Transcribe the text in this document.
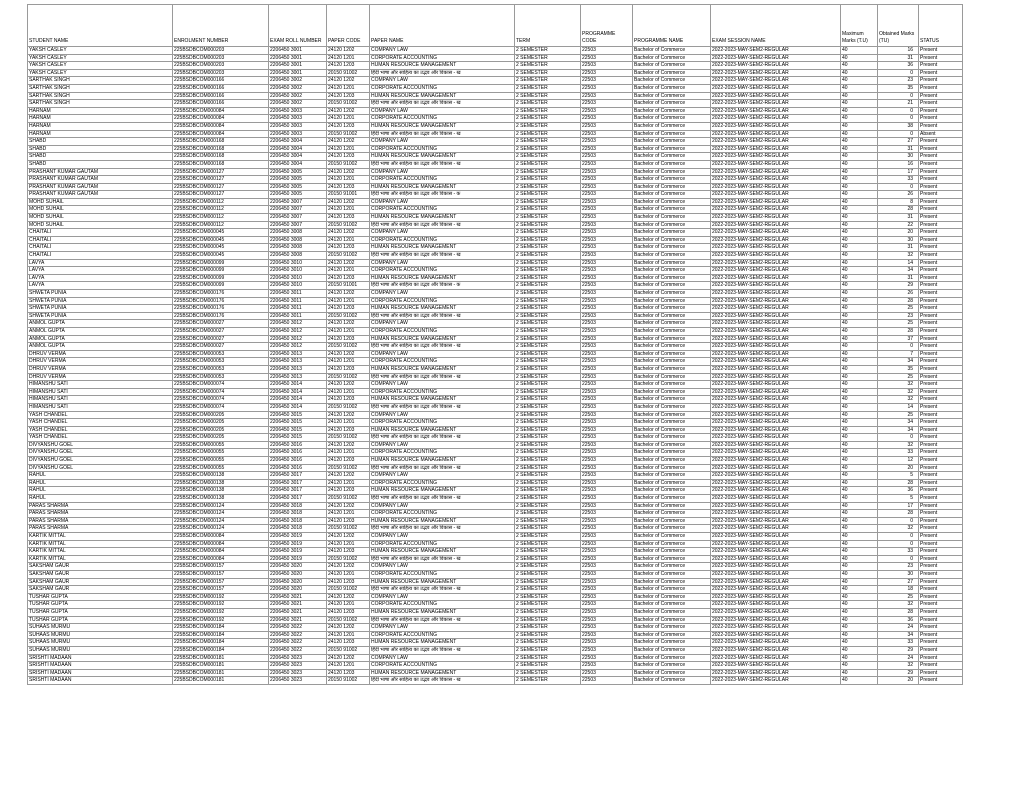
STUDENT NAME	ENROLMENT NUMBER	EXAM ROLL NUMBER	PAPER CODE	PAPER NAME	TERM	PROGRAMME CODE	PROGRAMME NAME	EXAM SESSION NAME	Maximum Marks (T.U)	Obtained Marks (TU)	STATUS
YAKSH CASLEY	225BSDBCOM000203	2206450 3001	24120 1202	COMPANY LAW	2 SEMESTER	22503	Bachelor of Commerce	2022-2023-MAY-SEM2-REGULAR	40	16	Present
YAKSH CASLEY	225BSDBCOM000203	2206450 3001	24120 1201	CORPORATE ACCOUNTING	2 SEMESTER	22503	Bachelor of Commerce	2022-2023-MAY-SEM2-REGULAR	40	31	Present
YAKSH CASLEY	225BSDBCOM000203	2206450 3001	24120 1203	HUMAN RESOURCE MANAGEMENT	2 SEMESTER	22503	Bachelor of Commerce	2022-2023-MAY-SEM2-REGULAR	40	36	Present
YAKSH CASLEY	225BSDBCOM000203	2206450 3001	20150 91002	हिंदी भाषा और साहित्य का उद्भव और विकास - ख	2 SEMESTER	22503	Bachelor of Commerce	2022-2023-MAY-SEM2-REGULAR	40	0	Present
SARTHAK SINGH	225BSDBCOM000166	2206450 3002	24120 1202	COMPANY LAW	2 SEMESTER	22503	Bachelor of Commerce	2022-2023-MAY-SEM2-REGULAR	40	23	Present
SARTHAK SINGH	225BSDBCOM000166	2206450 3002	24120 1201	CORPORATE ACCOUNTING	2 SEMESTER	22503	Bachelor of Commerce	2022-2023-MAY-SEM2-REGULAR	40	35	Present
SARTHAK SINGH	225BSDBCOM000166	2206450 3002	24120 1203	HUMAN RESOURCE MANAGEMENT	2 SEMESTER	22503	Bachelor of Commerce	2022-2023-MAY-SEM2-REGULAR	40	0	Present
SARTHAK SINGH	225BSDBCOM000166	2206450 3002	20150 91002	हिंदी भाषा और साहित्य का उद्भव और विकास - ख	2 SEMESTER	22503	Bachelor of Commerce	2022-2023-MAY-SEM2-REGULAR	40	21	Present
HARNAM	225BSDBCOM000084	2206450 3003	24120 1202	COMPANY LAW	2 SEMESTER	22503	Bachelor of Commerce	2022-2023-MAY-SEM2-REGULAR	40	0	Present
HARNAM	225BSDBCOM000084	2206450 3003	24120 1201	CORPORATE ACCOUNTING	2 SEMESTER	22503	Bachelor of Commerce	2022-2023-MAY-SEM2-REGULAR	40	0	Present
HARNAM	225BSDBCOM000084	2206450 3003	24120 1203	HUMAN RESOURCE MANAGEMENT	2 SEMESTER	22503	Bachelor of Commerce	2022-2023-MAY-SEM2-REGULAR	40	38	Present
HARNAM	225BSDBCOM000084	2206450 3003	20150 91002	हिंदी भाषा और साहित्य का उद्भव और विकास - ख	2 SEMESTER	22503	Bachelor of Commerce	2022-2023-MAY-SEM2-REGULAR	40	0	Absent
SHABD	225BSDBCOM000168	2206450 3004	24120 1202	COMPANY LAW	2 SEMESTER	22503	Bachelor of Commerce	2022-2023-MAY-SEM2-REGULAR	40	27	Present
SHABD	225BSDBCOM000168	2206450 3004	24120 1201	CORPORATE ACCOUNTING	2 SEMESTER	22503	Bachelor of Commerce	2022-2023-MAY-SEM2-REGULAR	40	31	Present
SHABD	225BSDBCOM000168	2206450 3004	24120 1203	HUMAN RESOURCE MANAGEMENT	2 SEMESTER	22503	Bachelor of Commerce	2022-2023-MAY-SEM2-REGULAR	40	30	Present
SHABD	225BSDBCOM000168	2206450 3004	20150 91002	हिंदी भाषा और साहित्य का उद्भव और विकास - ख	2 SEMESTER	22503	Bachelor of Commerce	2022-2023-MAY-SEM2-REGULAR	40	16	Present
PRASHANT KUMAR GAUTAM	225BSDBCOM000127	2206450 3005	24120 1202	COMPANY LAW	2 SEMESTER	22503	Bachelor of Commerce	2022-2023-MAY-SEM2-REGULAR	40	17	Present
PRASHANT KUMAR GAUTAM	225BSDBCOM000127	2206450 3005	24120 1201	CORPORATE ACCOUNTING	2 SEMESTER	22503	Bachelor of Commerce	2022-2023-MAY-SEM2-REGULAR	40	33	Present
PRASHANT KUMAR GAUTAM	225BSDBCOM000127	2206450 3005	24120 1203	HUMAN RESOURCE MANAGEMENT	2 SEMESTER	22503	Bachelor of Commerce	2022-2023-MAY-SEM2-REGULAR	40	0	Present
PRASHANT KUMAR GAUTAM	225BSDBCOM000127	2206450 3005	20150 91001	हिंदी भाषा और साहित्य का उद्भव और विकास - क	2 SEMESTER	22503	Bachelor of Commerce	2022-2023-MAY-SEM2-REGULAR	40	26	Present
MOHD SUHAIL	225BSDBCOM000112	2206450 3007	24120 1202	COMPANY LAW	2 SEMESTER	22503	Bachelor of Commerce	2022-2023-MAY-SEM2-REGULAR	40	8	Present
MOHD SUHAIL	225BSDBCOM000112	2206450 3007	24120 1201	CORPORATE ACCOUNTING	2 SEMESTER	22503	Bachelor of Commerce	2022-2023-MAY-SEM2-REGULAR	40	28	Present
MOHD SUHAIL	225BSDBCOM000112	2206450 3007	24120 1203	HUMAN RESOURCE MANAGEMENT	2 SEMESTER	22503	Bachelor of Commerce	2022-2023-MAY-SEM2-REGULAR	40	31	Present
MOHD SUHAIL	225BSDBCOM000112	2206450 3007	20150 91002	हिंदी भाषा और साहित्य का उद्भव और विकास - ख	2 SEMESTER	22503	Bachelor of Commerce	2022-2023-MAY-SEM2-REGULAR	40	22	Present
CHAITALI	225BSDBCOM000045	2206450 3008	24120 1202	COMPANY LAW	2 SEMESTER	22503	Bachelor of Commerce	2022-2023-MAY-SEM2-REGULAR	40	20	Present
CHAITALI	225BSDBCOM000045	2206450 3008	24120 1201	CORPORATE ACCOUNTING	2 SEMESTER	22503	Bachelor of Commerce	2022-2023-MAY-SEM2-REGULAR	40	30	Present
CHAITALI	225BSDBCOM000045	2206450 3008	24120 1203	HUMAN RESOURCE MANAGEMENT	2 SEMESTER	22503	Bachelor of Commerce	2022-2023-MAY-SEM2-REGULAR	40	31	Present
CHAITALI	225BSDBCOM000045	2206450 3008	20150 91002	हिंदी भाषा और साहित्य का उद्भव और विकास - ख	2 SEMESTER	22503	Bachelor of Commerce	2022-2023-MAY-SEM2-REGULAR	40	32	Present
LAVYA	225BSDBCOM000099	2206450 3010	24120 1202	COMPANY LAW	2 SEMESTER	22503	Bachelor of Commerce	2022-2023-MAY-SEM2-REGULAR	40	14	Present
LAVYA	225BSDBCOM000099	2206450 3010	24120 1201	CORPORATE ACCOUNTING	2 SEMESTER	22503	Bachelor of Commerce	2022-2023-MAY-SEM2-REGULAR	40	34	Present
LAVYA	225BSDBCOM000099	2206450 3010	24120 1203	HUMAN RESOURCE MANAGEMENT	2 SEMESTER	22503	Bachelor of Commerce	2022-2023-MAY-SEM2-REGULAR	40	31	Present
LAVYA	225BSDBCOM000099	2206450 3010	20150 91001	हिंदी भाषा और साहित्य का उद्भव और विकास - क	2 SEMESTER	22503	Bachelor of Commerce	2022-2023-MAY-SEM2-REGULAR	40	29	Present
SHWETA PUNIA	225BSDBCOM000176	2206450 3011	24120 1202	COMPANY LAW	2 SEMESTER	22503	Bachelor of Commerce	2022-2023-MAY-SEM2-REGULAR	40	26	Present
SHWETA PUNIA	225BSDBCOM000176	2206450 3011	24120 1201	CORPORATE ACCOUNTING	2 SEMESTER	22503	Bachelor of Commerce	2022-2023-MAY-SEM2-REGULAR	40	28	Present
SHWETA PUNIA	225BSDBCOM000176	2206450 3011	24120 1203	HUMAN RESOURCE MANAGEMENT	2 SEMESTER	22503	Bachelor of Commerce	2022-2023-MAY-SEM2-REGULAR	40	25	Present
SHWETA PUNIA	225BSDBCOM000176	2206450 3011	20150 91002	हिंदी भाषा और साहित्य का उद्भव और विकास - ख	2 SEMESTER	22503	Bachelor of Commerce	2022-2023-MAY-SEM2-REGULAR	40	23	Present
ANMOL GUPTA	225BSDBCOM000027	2206450 3012	24120 1202	COMPANY LAW	2 SEMESTER	22503	Bachelor of Commerce	2022-2023-MAY-SEM2-REGULAR	40	25	Present
ANMOL GUPTA	225BSDBCOM000027	2206450 3012	24120 1201	CORPORATE ACCOUNTING	2 SEMESTER	22503	Bachelor of Commerce	2022-2023-MAY-SEM2-REGULAR	40	28	Present
ANMOL GUPTA	225BSDBCOM000027	2206450 3012	24120 1203	HUMAN RESOURCE MANAGEMENT	2 SEMESTER	22503	Bachelor of Commerce	2022-2023-MAY-SEM2-REGULAR	40	37	Present
ANMOL GUPTA	225BSDBCOM000027	2206450 3012	20150 91002	हिंदी भाषा और साहित्य का उद्भव और विकास - ख	2 SEMESTER	22503	Bachelor of Commerce	2022-2023-MAY-SEM2-REGULAR	40	0	Present
DHRUV VERMA	225BSDBCOM000053	2206450 3013	24120 1202	COMPANY LAW	2 SEMESTER	22503	Bachelor of Commerce	2022-2023-MAY-SEM2-REGULAR	40	7	Present
DHRUV VERMA	225BSDBCOM000053	2206450 3013	24120 1201	CORPORATE ACCOUNTING	2 SEMESTER	22503	Bachelor of Commerce	2022-2023-MAY-SEM2-REGULAR	40	34	Present
DHRUV VERMA	225BSDBCOM000053	2206450 3013	24120 1203	HUMAN RESOURCE MANAGEMENT	2 SEMESTER	22503	Bachelor of Commerce	2022-2023-MAY-SEM2-REGULAR	40	35	Present
DHRUV VERMA	225BSDBCOM000053	2206450 3013	20150 91002	हिंदी भाषा और साहित्य का उद्भव और विकास - ख	2 SEMESTER	22503	Bachelor of Commerce	2022-2023-MAY-SEM2-REGULAR	40	25	Present
HIMANSHU SATI	225BSDBCOM000074	2206450 3014	24120 1202	COMPANY LAW	2 SEMESTER	22503	Bachelor of Commerce	2022-2023-MAY-SEM2-REGULAR	40	32	Present
HIMANSHU SATI	225BSDBCOM000074	2206450 3014	24120 1201	CORPORATE ACCOUNTING	2 SEMESTER	22503	Bachelor of Commerce	2022-2023-MAY-SEM2-REGULAR	40	32	Present
HIMANSHU SATI	225BSDBCOM000074	2206450 3014	24120 1203	HUMAN RESOURCE MANAGEMENT	2 SEMESTER	22503	Bachelor of Commerce	2022-2023-MAY-SEM2-REGULAR	40	32	Present
HIMANSHU SATI	225BSDBCOM000074	2206450 3014	20150 91002	हिंदी भाषा और साहित्य का उद्भव और विकास - ख	2 SEMESTER	22503	Bachelor of Commerce	2022-2023-MAY-SEM2-REGULAR	40	14	Present
YASH CHANDEL	225BSDBCOM000205	2206450 3015	24120 1202	COMPANY LAW	2 SEMESTER	22503	Bachelor of Commerce	2022-2023-MAY-SEM2-REGULAR	40	25	Present
YASH CHANDEL	225BSDBCOM000205	2206450 3015	24120 1201	CORPORATE ACCOUNTING	2 SEMESTER	22503	Bachelor of Commerce	2022-2023-MAY-SEM2-REGULAR	40	34	Present
YASH CHANDEL	225BSDBCOM000205	2206450 3015	24120 1203	HUMAN RESOURCE MANAGEMENT	2 SEMESTER	22503	Bachelor of Commerce	2022-2023-MAY-SEM2-REGULAR	40	34	Present
YASH CHANDEL	225BSDBCOM000205	2206450 3015	20150 91002	हिंदी भाषा और साहित्य का उद्भव और विकास - ख	2 SEMESTER	22503	Bachelor of Commerce	2022-2023-MAY-SEM2-REGULAR	40	0	Present
DIVYANSHU GOEL	225BSDBCOM000055	2206450 3016	24120 1202	COMPANY LAW	2 SEMESTER	22503	Bachelor of Commerce	2022-2023-MAY-SEM2-REGULAR	40	32	Present
DIVYANSHU GOEL	225BSDBCOM000055	2206450 3016	24120 1201	CORPORATE ACCOUNTING	2 SEMESTER	22503	Bachelor of Commerce	2022-2023-MAY-SEM2-REGULAR	40	33	Present
DIVYANSHU GOEL	225BSDBCOM000055	2206450 3016	24120 1203	HUMAN RESOURCE MANAGEMENT	2 SEMESTER	22503	Bachelor of Commerce	2022-2023-MAY-SEM2-REGULAR	40	12	Present
DIVYANSHU GOEL	225BSDBCOM000055	2206450 3016	20150 91002	हिंदी भाषा और साहित्य का उद्भव और विकास - ख	2 SEMESTER	22503	Bachelor of Commerce	2022-2023-MAY-SEM2-REGULAR	40	20	Present
RAHUL	225BSDBCOM000138	2206450 3017	24120 1202	COMPANY LAW	2 SEMESTER	22503	Bachelor of Commerce	2022-2023-MAY-SEM2-REGULAR	40	5	Present
RAHUL	225BSDBCOM000138	2206450 3017	24120 1201	CORPORATE ACCOUNTING	2 SEMESTER	22503	Bachelor of Commerce	2022-2023-MAY-SEM2-REGULAR	40	28	Present
RAHUL	225BSDBCOM000138	2206450 3017	24120 1203	HUMAN RESOURCE MANAGEMENT	2 SEMESTER	22503	Bachelor of Commerce	2022-2023-MAY-SEM2-REGULAR	40	36	Present
RAHUL	225BSDBCOM000138	2206450 3017	20150 91002	हिंदी भाषा और साहित्य का उद्भव और विकास - ख	2 SEMESTER	22503	Bachelor of Commerce	2022-2023-MAY-SEM2-REGULAR	40	5	Present
PARAS SHARMA	225BSDBCOM000124	2206450 3018	24120 1202	COMPANY LAW	2 SEMESTER	22503	Bachelor of Commerce	2022-2023-MAY-SEM2-REGULAR	40	17	Present
PARAS SHARMA	225BSDBCOM000124	2206450 3018	24120 1201	CORPORATE ACCOUNTING	2 SEMESTER	22503	Bachelor of Commerce	2022-2023-MAY-SEM2-REGULAR	40	28	Present
PARAS SHARMA	225BSDBCOM000124	2206450 3018	24120 1203	HUMAN RESOURCE MANAGEMENT	2 SEMESTER	22503	Bachelor of Commerce	2022-2023-MAY-SEM2-REGULAR	40	0	Present
PARAS SHARMA	225BSDBCOM000124	2206450 3018	20150 91002	हिंदी भाषा और साहित्य का उद्भव और विकास - ख	2 SEMESTER	22503	Bachelor of Commerce	2022-2023-MAY-SEM2-REGULAR	40	32	Present
KARTIK MITTAL	225BSDBCOM000084	2206450 3019	24120 1202	COMPANY LAW	2 SEMESTER	22503	Bachelor of Commerce	2022-2023-MAY-SEM2-REGULAR	40	0	Present
KARTIK MITTAL	225BSDBCOM000084	2206450 3019	24120 1201	CORPORATE ACCOUNTING	2 SEMESTER	22503	Bachelor of Commerce	2022-2023-MAY-SEM2-REGULAR	40	0	Present
KARTIK MITTAL	225BSDBCOM000084	2206450 3019	24120 1203	HUMAN RESOURCE MANAGEMENT	2 SEMESTER	22503	Bachelor of Commerce	2022-2023-MAY-SEM2-REGULAR	40	33	Present
KARTIK MITTAL	225BSDBCOM000084	2206450 3019	20150 91002	हिंदी भाषा और साहित्य का उद्भव और विकास - ख	2 SEMESTER	22503	Bachelor of Commerce	2022-2023-MAY-SEM2-REGULAR	40	0	Present
SAKSHAM GAUR	225BSDBCOM000157	2206450 3020	24120 1202	COMPANY LAW	2 SEMESTER	22503	Bachelor of Commerce	2022-2023-MAY-SEM2-REGULAR	40	23	Present
SAKSHAM GAUR	225BSDBCOM000157	2206450 3020	24120 1201	CORPORATE ACCOUNTING	2 SEMESTER	22503	Bachelor of Commerce	2022-2023-MAY-SEM2-REGULAR	40	30	Present
SAKSHAM GAUR	225BSDBCOM000157	2206450 3020	24120 1203	HUMAN RESOURCE MANAGEMENT	2 SEMESTER	22503	Bachelor of Commerce	2022-2023-MAY-SEM2-REGULAR	40	27	Present
SAKSHAM GAUR	225BSDBCOM000157	2206450 3020	20150 91002	हिंदी भाषा और साहित्य का उद्भव और विकास - ख	2 SEMESTER	22503	Bachelor of Commerce	2022-2023-MAY-SEM2-REGULAR	40	18	Present
TUSHAR GUPTA	225BSDBCOM000192	2206450 3021	24120 1202	COMPANY LAW	2 SEMESTER	22503	Bachelor of Commerce	2022-2023-MAY-SEM2-REGULAR	40	25	Present
TUSHAR GUPTA	225BSDBCOM000192	2206450 3021	24120 1201	CORPORATE ACCOUNTING	2 SEMESTER	22503	Bachelor of Commerce	2022-2023-MAY-SEM2-REGULAR	40	32	Present
TUSHAR GUPTA	225BSDBCOM000192	2206450 3021	24120 1203	HUMAN RESOURCE MANAGEMENT	2 SEMESTER	22503	Bachelor of Commerce	2022-2023-MAY-SEM2-REGULAR	40	28	Present
TUSHAR GUPTA	225BSDBCOM000192	2206450 3021	20150 91002	हिंदी भाषा और साहित्य का उद्भव और विकास - ख	2 SEMESTER	22503	Bachelor of Commerce	2022-2023-MAY-SEM2-REGULAR	40	36	Present
SUHAAS MURMU	225BSDBCOM000184	2206450 3022	24120 1202	COMPANY LAW	2 SEMESTER	22503	Bachelor of Commerce	2022-2023-MAY-SEM2-REGULAR	40	24	Present
SUHAAS MURMU	225BSDBCOM000184	2206450 3022	24120 1201	CORPORATE ACCOUNTING	2 SEMESTER	22503	Bachelor of Commerce	2022-2023-MAY-SEM2-REGULAR	40	34	Present
SUHAAS MURMU	225BSDBCOM000184	2206450 3022	24120 1203	HUMAN RESOURCE MANAGEMENT	2 SEMESTER	22503	Bachelor of Commerce	2022-2023-MAY-SEM2-REGULAR	40	33	Present
SUHAAS MURMU	225BSDBCOM000184	2206450 3022	20150 91002	हिंदी भाषा और साहित्य का उद्भव और विकास - ख	2 SEMESTER	22503	Bachelor of Commerce	2022-2023-MAY-SEM2-REGULAR	40	29	Present
SRISHTI MADAAN	225BSDBCOM000181	2206450 3023	24120 1202	COMPANY LAW	2 SEMESTER	22503	Bachelor of Commerce	2022-2023-MAY-SEM2-REGULAR	40	24	Present
SRISHTI MADAAN	225BSDBCOM000181	2206450 3023	24120 1201	CORPORATE ACCOUNTING	2 SEMESTER	22503	Bachelor of Commerce	2022-2023-MAY-SEM2-REGULAR	40	32	Present
SRISHTI MADAAN	225BSDBCOM000181	2206450 3023	24120 1203	HUMAN RESOURCE MANAGEMENT	2 SEMESTER	22503	Bachelor of Commerce	2022-2023-MAY-SEM2-REGULAR	40	29	Present
SRISHTI MADAAN	225BSDBCOM000181	2206450 3023	20150 91002	हिंदी भाषा और साहित्य का उद्भव और विकास - ख	2 SEMESTER	22503	Bachelor of Commerce	2022-2023-MAY-SEM2-REGULAR	40	20	Present
